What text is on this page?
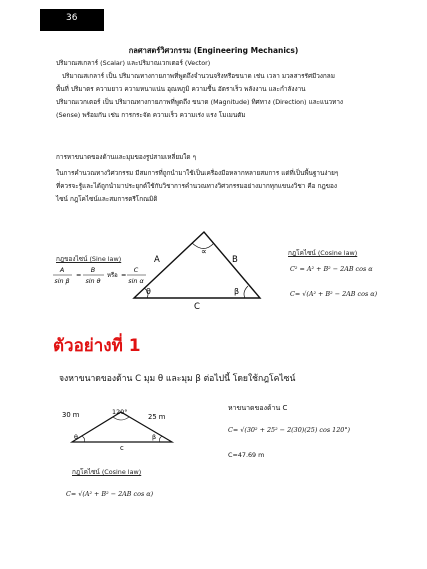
36
กลศาสตร์วิศวกรรม (Engineering Mechanics)
ปริมาณสเกลาร์ (Scalar) และปริมาณเวกเตอร์ (Vector)
ปริมาณสเกลาร์ เป็น ปริมาณทางกายภาพที่พูดถึงจำนวนจริงหรือขนาด เช่น เวลา มวลสารรัศมีวงกลม
พื้นที่ ปริมาตร ความยาว ความหนาแน่น อุณหภูมิ ความชื้น อัตราเร็ว พลังงาน และกำลังงาน
ปริมาณเวกเตอร์ เป็น ปริมาณทางกายภาพที่พูดถึง ขนาด (Magnitude) ทิศทาง (Direction) และแนวทาง
(Sense) พร้อมกัน เช่น การกระจัด ความเร็ว ความเร่ง แรง โมเมนตัม
การหาขนาดของด้านและมุมของรูปสามเหลี่ยมใด ๆ
ในการคำนวณทางวิศวกรรม มีสมการที่ถูกนำมาใช้เป็นเครื่องมือหลากหลายสมการ แต่ที่เป็นพื้นฐานง่ายๆ
ที่ควรจะรู้และได้ถูกนำมาประยุกต์ใช้กับวิชาการคำนวณทางวิศวกรรมอย่างมากทุกแขนงวิชา คือ กฎของ
ไซน์ กฎโคไซน์และสมการตรีโกณมิติ
กฎของไซน์ (Sine law)
A
sin β
=
B
sin θ
หรือ =
C
sin α
∝
θ	β
A	B
C
กฎโคไซน์ (Cosine law)
C² = A² + B² − 2AB cos α
C= √(A² + B² − 2AB cos α)
ตัวอย่างที่ 1
จงหาขนาดของด้าน C มุม θ และมุม β ต่อไปนี้ โดยใช้กฎโคไซน์
120°
θ	β
30 m	25 m
c
หาขนาดของด้าน C
C= √(30² + 25² − 2(30)(25) cos 120°)
C=47.69 m
กฎโคไซน์ (Cosine law)
C= √(A² + B² − 2AB cos α)
